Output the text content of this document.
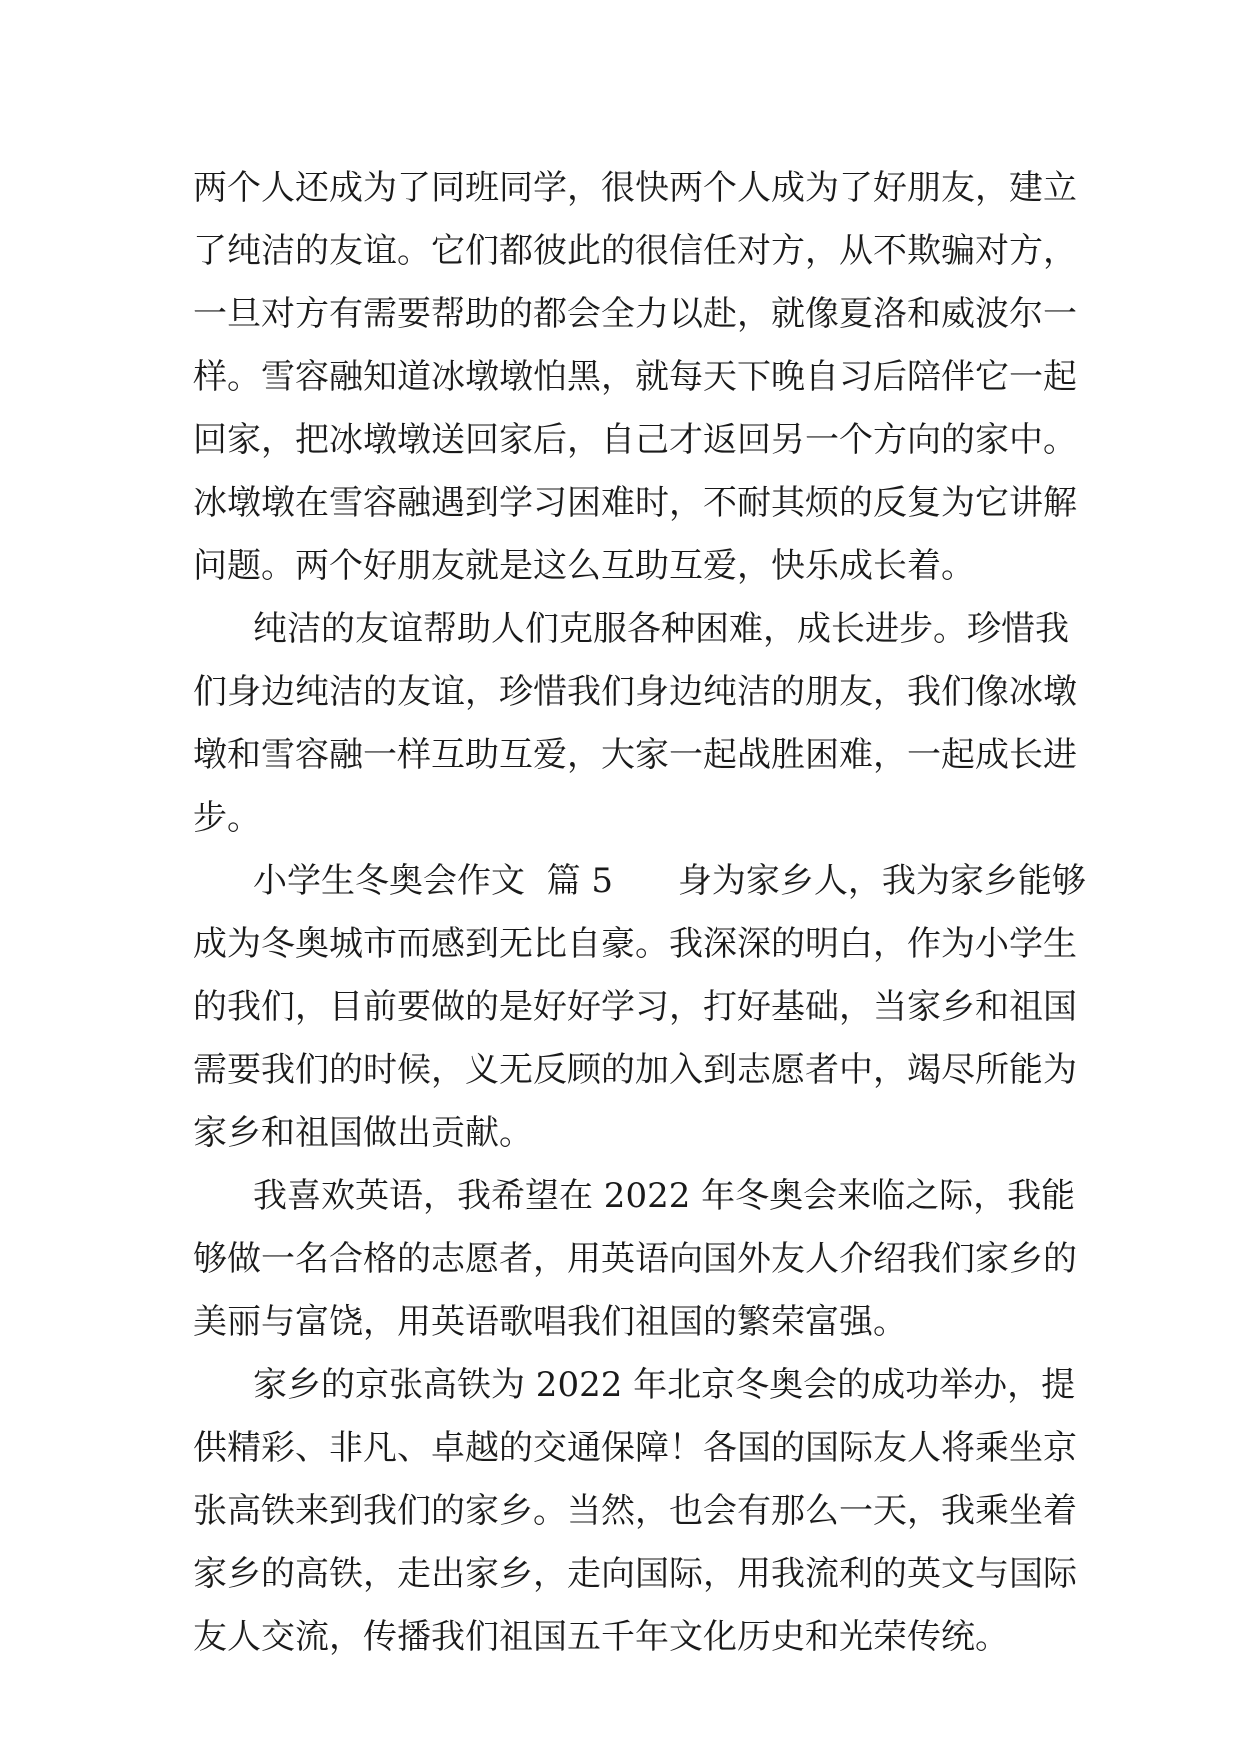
两个人还成为了同班同学，很快两个人成为了好朋友，建立
了纯洁的友谊。它们都彼此的很信任对方，从不欺骗对方，
一旦对方有需要帮助的都会全力以赴，就像夏洛和威波尔一
样。雪容融知道冰墩墩怕黑，就每天下晚自习后陪伴它一起
回家，把冰墩墩送回家后，自己才返回另一个方向的家中。
冰墩墩在雪容融遇到学习困难时，不耐其烦的反复为它讲解
问题。两个好朋友就是这么互助互爱，快乐成长着。
纯洁的友谊帮助人们克服各种困难，成长进步。珍惜我
们身边纯洁的友谊，珍惜我们身边纯洁的朋友，我们像冰墩
墩和雪容融一样互助互爱，大家一起战胜困难，一起成长进
步。
小学生冬奥会作文  篇 5      身为家乡人，我为家乡能够
成为冬奥城市而感到无比自豪。我深深的明白，作为小学生
的我们，目前要做的是好好学习，打好基础，当家乡和祖国
需要我们的时候，义无反顾的加入到志愿者中，竭尽所能为
家乡和祖国做出贡献。
我喜欢英语，我希望在 2022 年冬奥会来临之际，我能
够做一名合格的志愿者，用英语向国外友人介绍我们家乡的
美丽与富饶，用英语歌唱我们祖国的繁荣富强。
家乡的京张高铁为 2022 年北京冬奥会的成功举办，提
供精彩、非凡、卓越的交通保障！各国的国际友人将乘坐京
张高铁来到我们的家乡。当然，也会有那么一天，我乘坐着
家乡的高铁，走出家乡，走向国际，用我流利的英文与国际
友人交流，传播我们祖国五千年文化历史和光荣传统。
